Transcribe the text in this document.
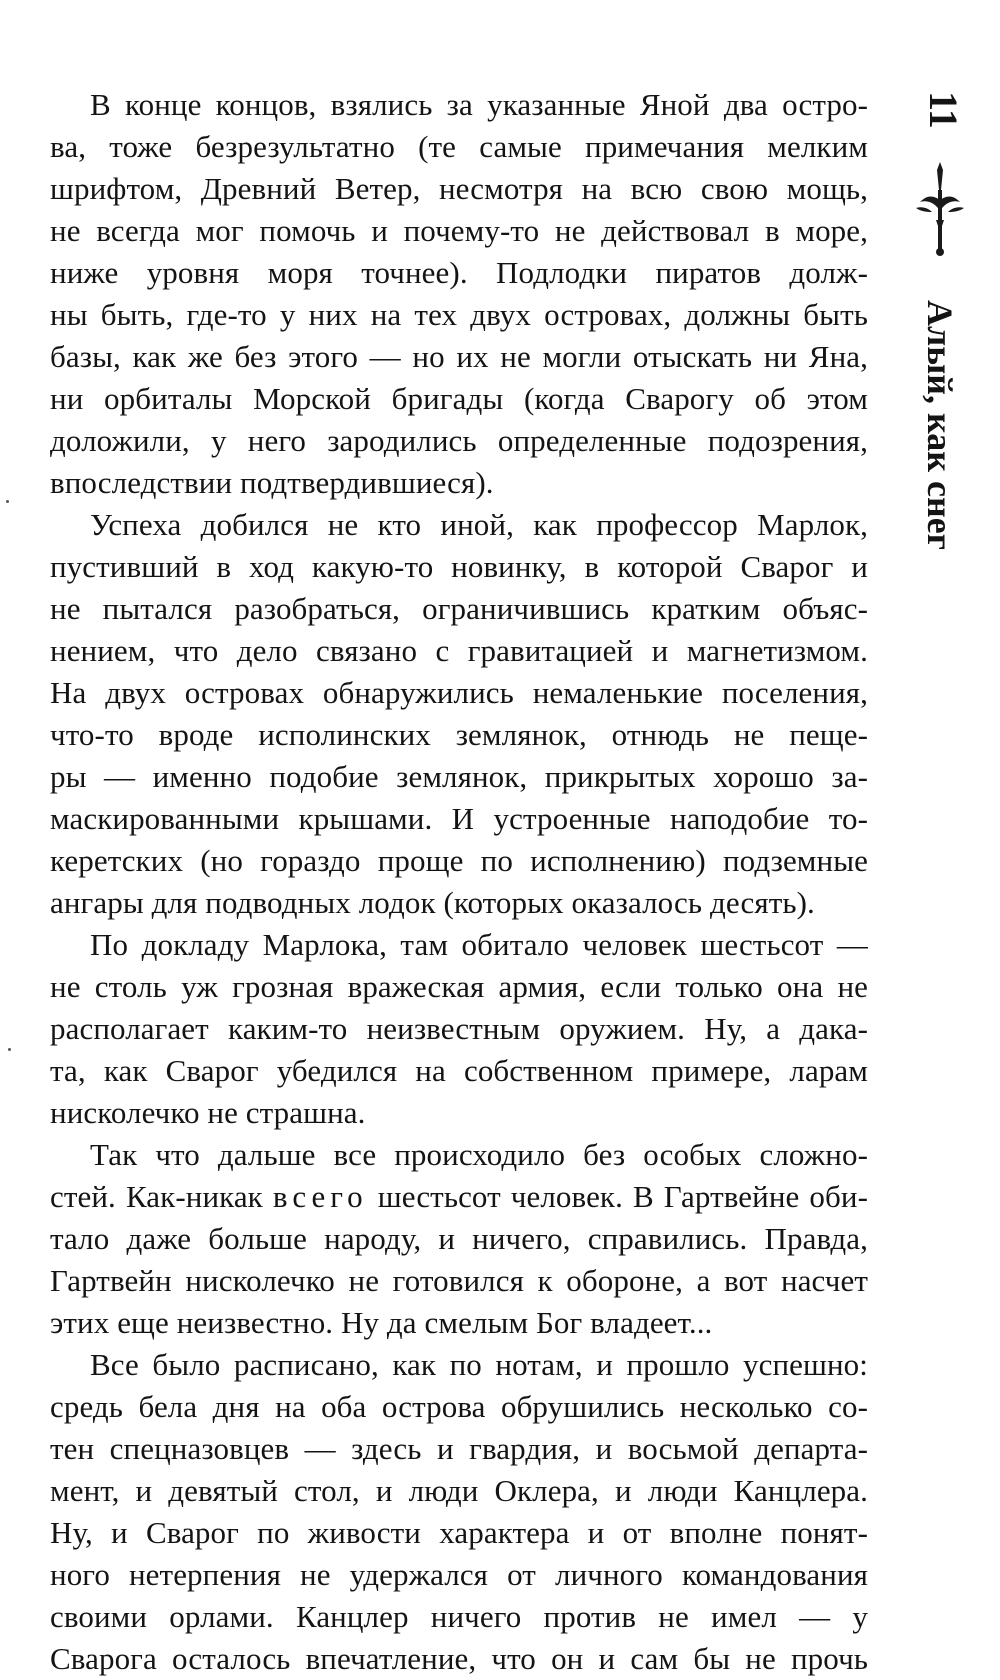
В конце концов, взялись за указанные Яной два остро-
ва, тоже безрезультатно (те самые примечания мелким
шрифтом, Древний Ветер, несмотря на всю свою мощь,
не всегда мог помочь и почему-то не действовал в море,
ниже уровня моря точнее). Подлодки пиратов долж-
ны быть, где-то у них на тех двух островах, должны быть
базы, как же без этого — но их не могли отыскать ни Яна,
ни орбиталы Морской бригады (когда Сварогу об этом
доложили, у него зародились определенные подозрения,
впоследствии подтвердившиеся).
Успеха добился не кто иной, как профессор Марлок,
пустивший в ход какую-то новинку, в которой Сварог и
не пытался разобраться, ограничившись кратким объяс-
нением, что дело связано с гравитацией и магнетизмом.
На двух островах обнаружились немаленькие поселения,
что-то вроде исполинских землянок, отнюдь не пеще-
ры — именно подобие землянок, прикрытых хорошо за-
маскированными крышами. И устроенные наподобие то-
керетских (но гораздо проще по исполнению) подземные
ангары для подводных лодок (которых оказалось десять).
По докладу Марлока, там обитало человек шестьсот —
не столь уж грозная вражеская армия, если только она не
располагает каким-то неизвестным оружием. Ну, а дака-
та, как Сварог убедился на собственном примере, ларам
нисколечко не страшна.
Так что дальше все происходило без особых сложно-
стей. Как-никак всего шестьсот человек. В Гартвейне оби-
тало даже больше народу, и ничего, справились. Правда,
Гартвейн нисколечко не готовился к обороне, а вот насчет
этих еще неизвестно. Ну да смелым Бог владеет...
Все было расписано, как по нотам, и прошло успешно:
средь бела дня на оба острова обрушились несколько со-
тен спецназовцев — здесь и гвардия, и восьмой департа-
мент, и девятый стол, и люди Оклера, и люди Канцлера.
Ну, и Сварог по живости характера и от вполне понят-
ного нетерпения не удержался от личного командования
своими орлами. Канцлер ничего против не имел — у
Сварога осталось впечатление, что он и сам бы не прочь
11
Алый, как снег
